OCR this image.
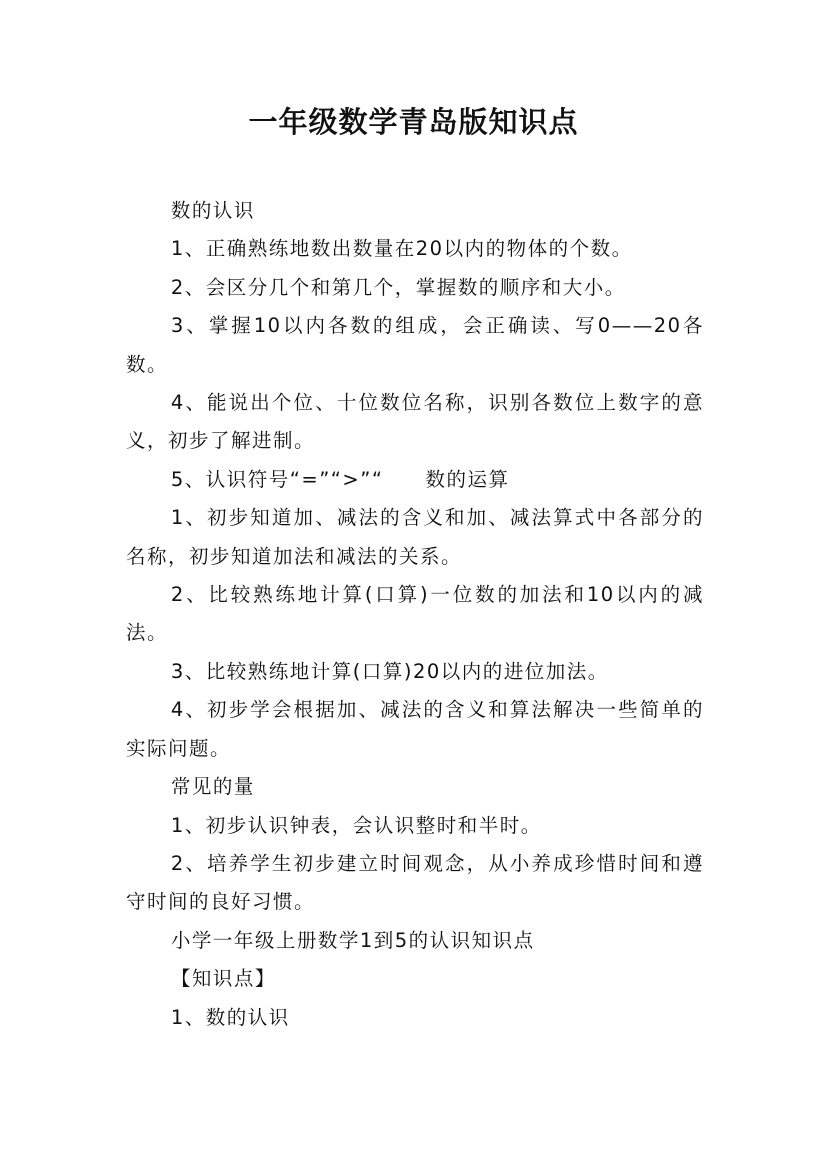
一年级数学青岛版知识点

数的认识

1、正确熟练地数出数量在20以内的物体的个数。

2、会区分几个和第几个，掌握数的顺序和大小。

3、掌握10以内各数的组成，会正确读、写0——20各数。

4、能说出个位、十位数位名称，识别各数位上数字的意义，初步了解进制。

5、认识符号“=”“>”“　　数的运算

1、初步知道加、减法的含义和加、减法算式中各部分的名称，初步知道加法和减法的关系。

2、比较熟练地计算(口算)一位数的加法和10以内的减法。

3、比较熟练地计算(口算)20以内的进位加法。

4、初步学会根据加、减法的含义和算法解决一些简单的实际问题。

常见的量

1、初步认识钟表，会认识整时和半时。

2、培养学生初步建立时间观念，从小养成珍惜时间和遵守时间的良好习惯。

小学一年级上册数学1到5的认识知识点

【知识点】

1、数的认识
